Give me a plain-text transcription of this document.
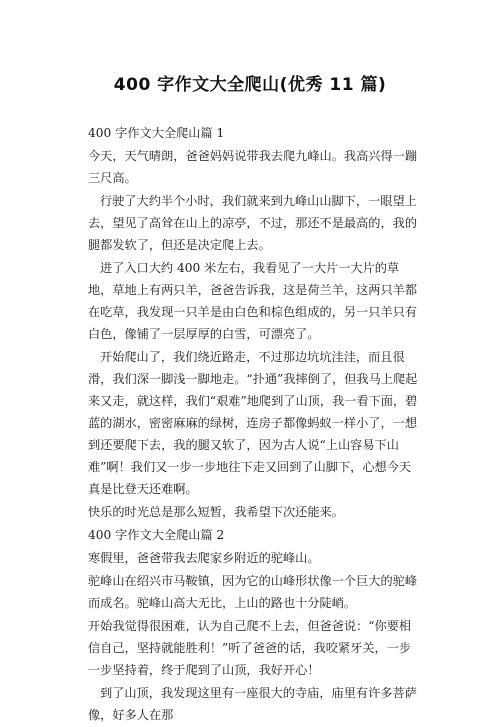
400 字作文大全爬山(优秀 11 篇)
400 字作文大全爬山篇 1

今天，天气晴朗，爸爸妈妈说带我去爬九峰山。我高兴得一蹦三尺高。

行驶了大约半个小时，我们就来到九峰山山脚下，一眼望上去，望见了高耸在山上的凉亭，不过，那还不是最高的，我的腿都发软了，但还是决定爬上去。

进了入口大约 400 米左右，我看见了一大片一大片的草地，草地上有两只羊，爸爸告诉我，这是荷兰羊，这两只羊都在吃草，我发现一只羊是由白色和棕色组成的，另一只羊只有白色，像铺了一层厚厚的白雪，可漂亮了。

开始爬山了，我们绕近路走，不过那边坑坑洼洼，而且很滑，我们深一脚浅一脚地走。“扑通”我摔倒了，但我马上爬起来又走，就这样，我们“艰难”地爬到了山顶，我一看下面，碧蓝的湖水，密密麻麻的绿树，连房子都像蚂蚁一样小了，一想到还要爬下去，我的腿又软了，因为古人说“上山容易下山难”啊！我们又一步一步地往下走又回到了山脚下，心想今天真是比登天还难啊。

快乐的时光总是那么短暂，我希望下次还能来。

400 字作文大全爬山篇 2

寒假里，爸爸带我去爬家乡附近的驼峰山。

驼峰山在绍兴市马鞍镇，因为它的山峰形状像一个巨大的驼峰而成名。驼峰山高大无比，上山的路也十分陡峭。

开始我觉得很困难，认为自己爬不上去，但爸爸说：“你要相信自己，坚持就能胜利！”听了爸爸的话，我咬紧牙关，一步一步坚持着，终于爬到了山顶，我好开心！

到了山顶，我发现这里有一座很大的寺庙，庙里有许多菩萨像，好多人在那
